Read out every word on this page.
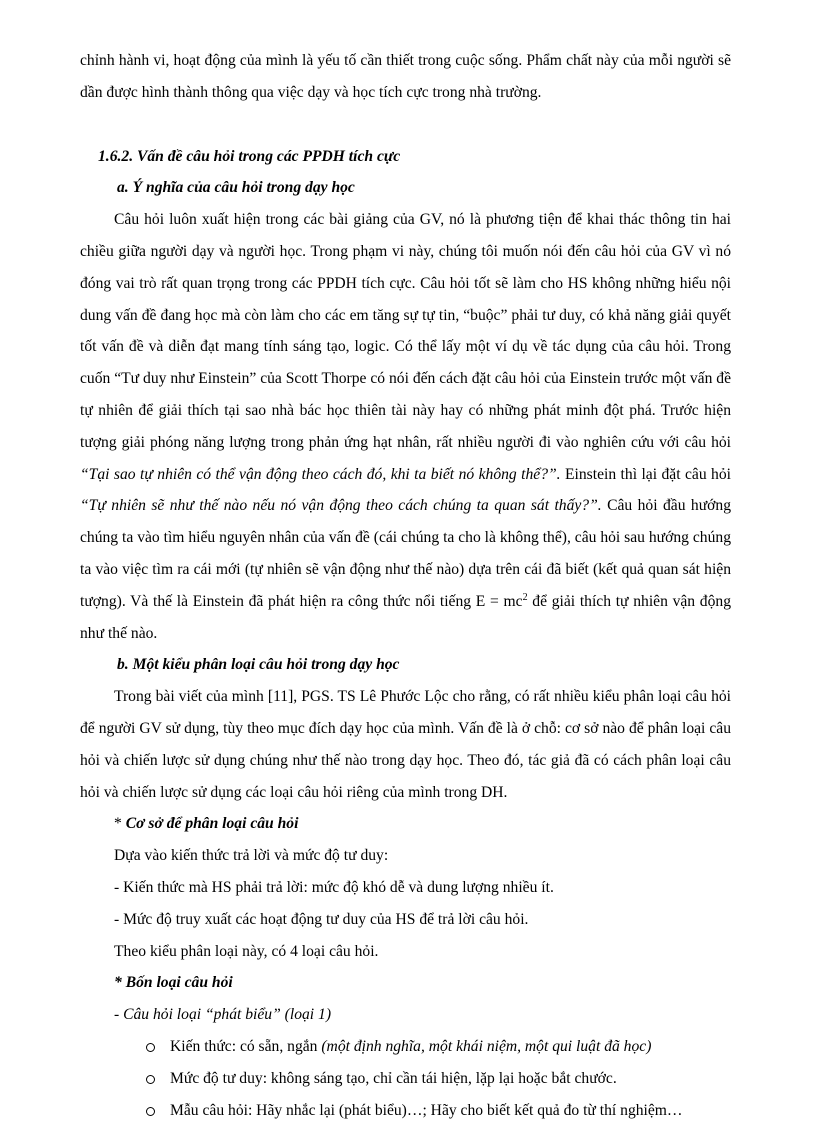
chỉnh hành vi, hoạt động của mình là yếu tố cần thiết trong cuộc sống. Phẩm chất này của mỗi người sẽ dần được hình thành thông qua việc dạy và học tích cực trong nhà trường.

1.6.2. Vấn đề câu hỏi trong các PPDH tích cực

a. Ý nghĩa của câu hỏi trong dạy học

Câu hỏi luôn xuất hiện trong các bài giảng của GV, nó là phương tiện để khai thác thông tin hai chiều giữa người dạy và người học. Trong phạm vi này, chúng tôi muốn nói đến câu hỏi của GV vì nó đóng vai trò rất quan trọng trong các PPDH tích cực. Câu hỏi tốt sẽ làm cho HS không những hiểu nội dung vấn đề đang học mà còn làm cho các em tăng sự tự tin, “buộc” phải tư duy, có khả năng giải quyết tốt vấn đề và diễn đạt mang tính sáng tạo, logic. Có thể lấy một ví dụ về tác dụng của câu hỏi. Trong cuốn “Tư duy như Einstein” của Scott Thorpe có nói đến cách đặt câu hỏi của Einstein trước một vấn đề tự nhiên để giải thích tại sao nhà bác học thiên tài này hay có những phát minh đột phá. Trước hiện tượng giải phóng năng lượng trong phản ứng hạt nhân, rất nhiều người đi vào nghiên cứu với câu hỏi “Tại sao tự nhiên có thể vận động theo cách đó, khi ta biết nó không thể?”. Einstein thì lại đặt câu hỏi “Tự nhiên sẽ như thế nào nếu nó vận động theo cách chúng ta quan sát thấy?”. Câu hỏi đầu hướng chúng ta vào tìm hiểu nguyên nhân của vấn đề (cái chúng ta cho là không thể), câu hỏi sau hướng chúng ta vào việc tìm ra cái mới (tự nhiên sẽ vận động như thế nào) dựa trên cái đã biết (kết quả quan sát hiện tượng). Và thế là Einstein đã phát hiện ra công thức nổi tiếng $E = mc^2$ để giải thích tự nhiên vận động như thế nào.

b. Một kiểu phân loại câu hỏi trong dạy học

Trong bài viết của mình [11], PGS. TS Lê Phước Lộc cho rằng, có rất nhiều kiểu phân loại câu hỏi để người GV sử dụng, tùy theo mục đích dạy học của mình. Vấn đề là ở chỗ: cơ sở nào để phân loại câu hỏi và chiến lược sử dụng chúng như thế nào trong dạy học. Theo đó, tác giả đã có cách phân loại câu hỏi và chiến lược sử dụng các loại câu hỏi riêng của mình trong DH.

* Cơ sở để phân loại câu hỏi

Dựa vào kiến thức trả lời và mức độ tư duy:

- Kiến thức mà HS phải trả lời: mức độ khó dễ và dung lượng nhiều ít.

- Mức độ truy xuất các hoạt động tư duy của HS để trả lời câu hỏi.

Theo kiểu phân loại này, có 4 loại câu hỏi.

* Bốn loại câu hỏi

- Câu hỏi loại “phát biểu” (loại 1)

Kiến thức: có sẵn, ngắn (một định nghĩa, một khái niệm, một qui luật đã học)
Mức độ tư duy: không sáng tạo, chỉ cần tái hiện, lặp lại hoặc bắt chước.
Mẫu câu hỏi: Hãy nhắc lại (phát biểu)…; Hãy cho biết kết quả đo từ thí nghiệm…
